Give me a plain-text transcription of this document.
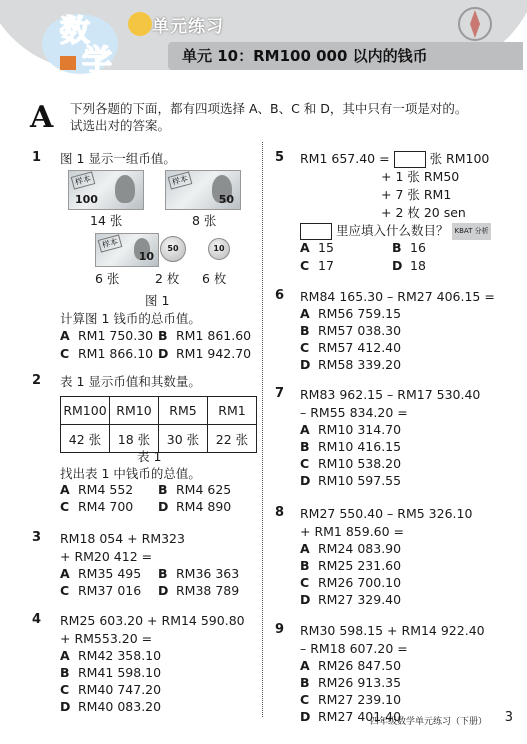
数
学
单元练习
单元 10：RM100 000 以内的钱币
A 下列各题的下面，都有四项选择 A、B、C 和 D，其中只有一项是对的。
试选出对的答案。
1 图 1 显示一组币值。
样本
100
14 张
样本
50
8 张
样本
10
6 张
50
2 枚
10
6 枚
图 1
计算图 1 钱币的总币值。
A RM1 750.30 B RM1 861.60
C RM1 866.10 D RM1 942.70
2 表 1 显示币值和其数量。
RM100	RM10	RM5	RM1
42 张	18 张	30 张	22 张
表 1
找出表 1 中钱币的总值。
A RM4 552 B RM4 625
C RM4 700 D RM4 890
3 RM18 054 + RM323
+ RM20 412 =
A RM35 495 B RM36 363
C RM37 016 D RM38 789
4 RM25 603.20 + RM14 590.80
+ RM553.20 =
A RM42 358.10
B RM41 598.10
C RM40 747.20
D RM40 083.20
5 RM1 657.40 =	张 RM100
+ 1 张 RM50
+ 7 张 RM1
+ 2 枚 20 sen
里应填入什么数目？ KBAT 分析
A 15	B 16
C 17	D 18
6 RM84 165.30 – RM27 406.15 =
A RM56 759.15
B RM57 038.30
C RM57 412.40
D RM58 339.20
7 RM83 962.15 – RM17 530.40
– RM55 834.20 =
A RM10 314.70
B RM10 416.15
C RM10 538.20
D RM10 597.55
8 RM27 550.40 – RM5 326.10
+ RM1 859.60 =
A RM24 083.90
B RM25 231.60
C RM26 700.10
D RM27 329.40
9 RM30 598.15 + RM14 922.40
– RM18 607.20 =
A RM26 847.50
B RM26 913.35
C RM27 239.10
D RM27 401.40
四年级数学单元练习（下册） 3
